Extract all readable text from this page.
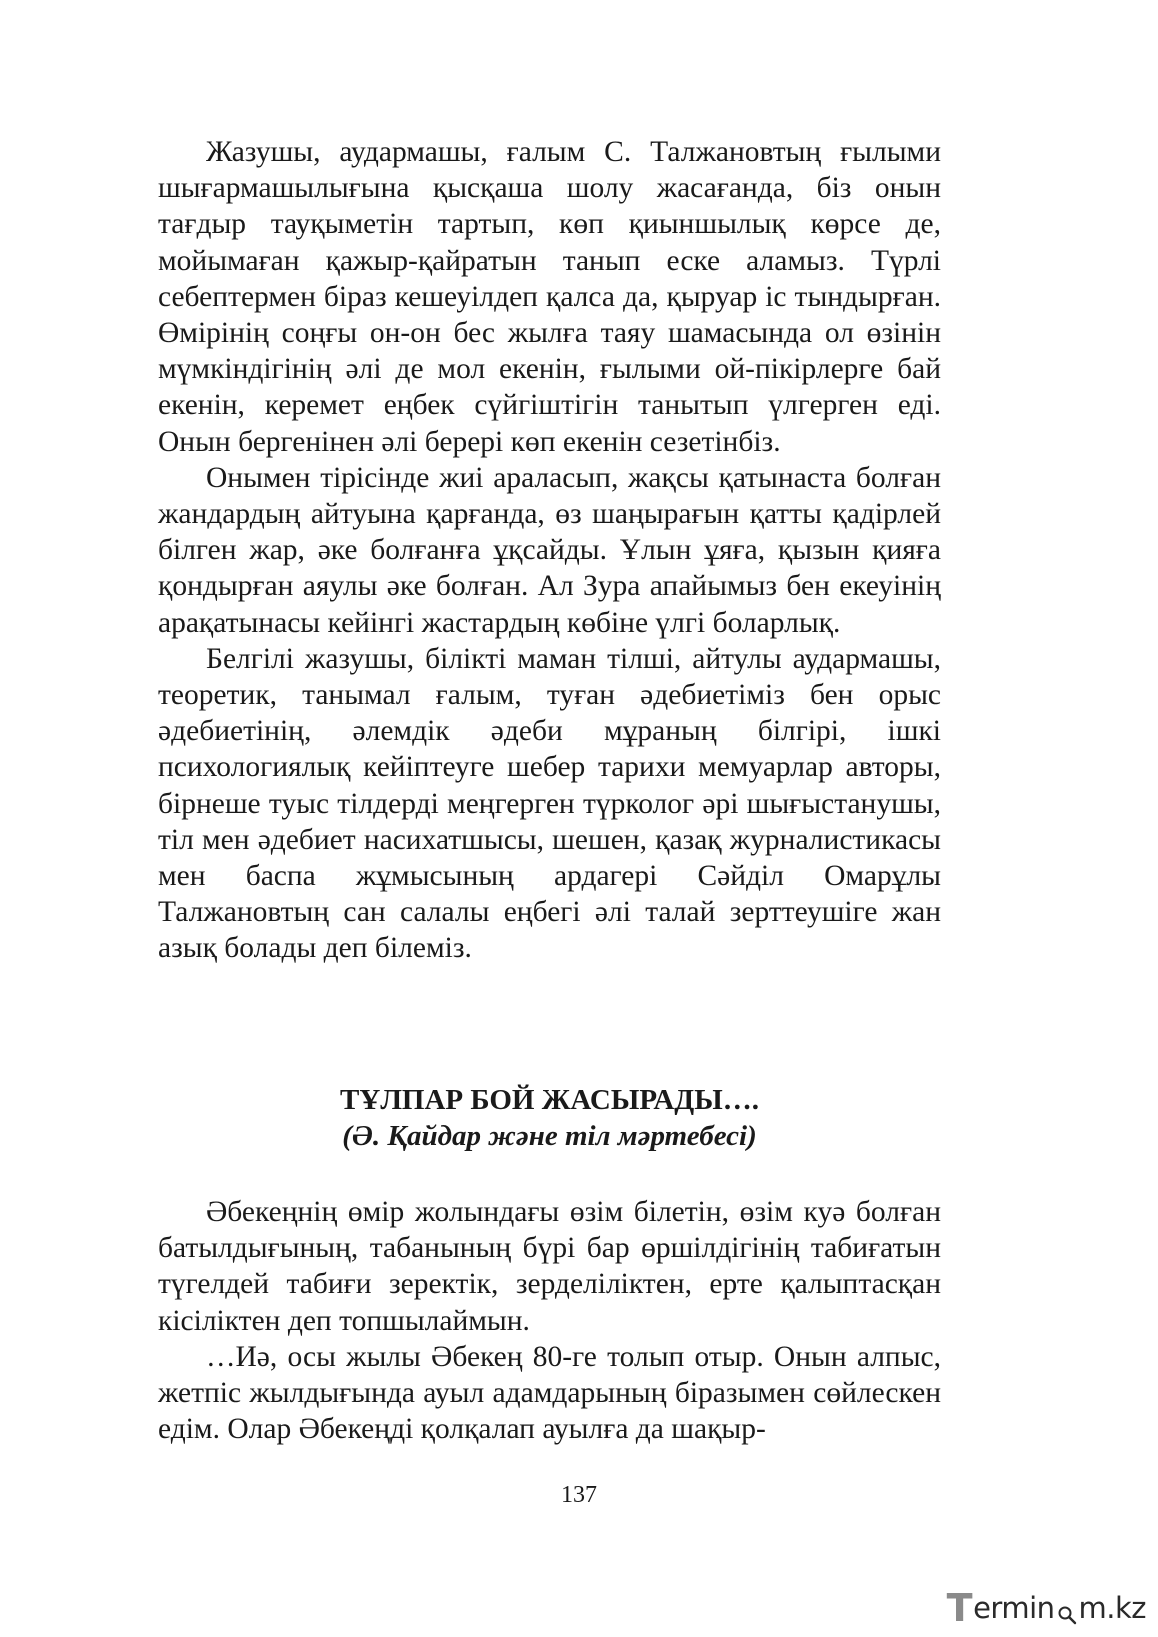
Жазушы, аудармашы, ғалым С. Талжановтың ғылыми шығармашылығына қысқаша шолу жасағанда, біз онын тағдыр тауқыметін тартып, көп қиыншылық көрсе де, мойымаған қажыр-қайратын танып еске аламыз. Түрлі себептермен біраз кешеуілдеп қалса да, қыруар іс тындырған. Өмірінің соңғы он-он бес жылға таяу шамасында ол өзінін мүмкіндігінің әлі де мол екенін, ғылыми ой-пікірлерге бай екенін, керемет еңбек сүйгіштігін танытып үлгерген еді. Онын бергенінен әлі берері көп екенін сезетінбіз.

Онымен тірісінде жиі араласып, жақсы қатынаста болған жандардың айтуына қарғанда, өз шаңырағын қатты қадірлей білген жар, әке болғанға ұқсайды. Ұлын ұяға, қызын қияға қондырған аяулы әке болған. Ал Зура апайымыз бен екеуінің арақатынасы кейінгі жастардың көбіне үлгі боларлық.

Белгілі жазушы, білікті маман тілші, айтулы аудармашы, теоретик, танымал ғалым, туған әдебиетіміз бен орыс әдебиетінің, әлемдік әдеби мұраның білгірі, ішкі психологиялық кейіптеуге шебер тарихи мемуарлар авторы, бірнеше туыс тілдерді меңгерген түрколог әрі шығыстанушы, тіл мен әдебиет насихатшысы, шешен, қазақ журналистикасы мен баспа жұмысының ардагері Сәйділ Омарұлы Талжановтың сан салалы еңбегі әлі талай зерттеушіге жан азық болады деп білеміз.

ТҰЛПАР БОЙ ЖАСЫРАДЫ….
(Ә. Қайдар және тіл мәртебесі)

Әбекеңнің өмір жолындағы өзім білетін, өзім куә болған батылдығының, табанының бүрі бар өршілдігінің табиғатын түгелдей табиғи зеректік, зерделіліктен, ерте қалыптасқан кісіліктен деп топшылаймын.

…Иә, осы жылы Әбекең 80-ге толып отыр. Онын алпыс, жетпіс жылдығында ауыл адамдарының біразымен сөйлескен едім. Олар Әбекеңді қолқалап ауылға да шақыр-

137
T ermin m.kz
